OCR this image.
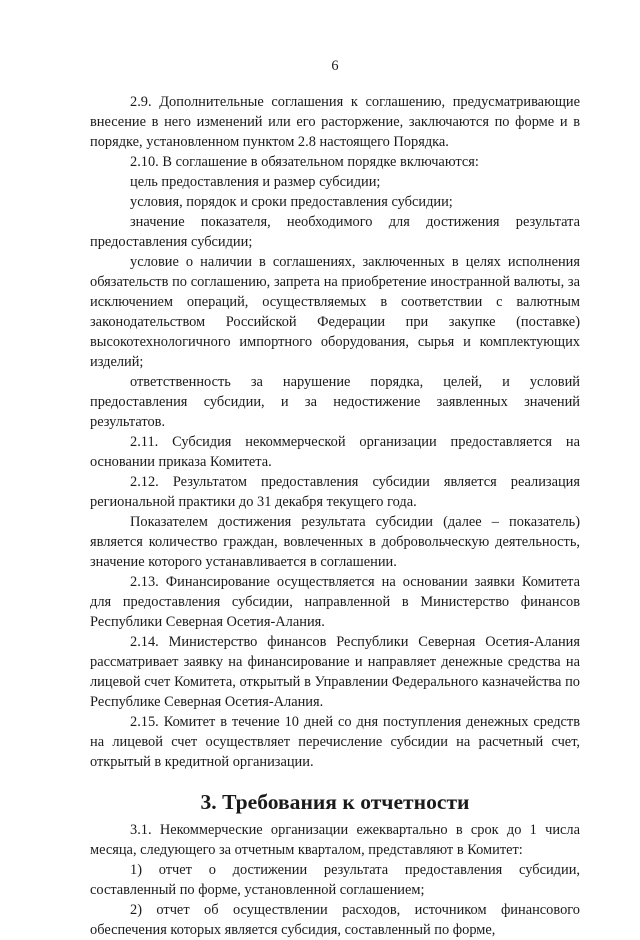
6

2.9. Дополнительные соглашения к соглашению, предусматривающие внесение в него изменений или его расторжение, заключаются по форме и в порядке, установленном пунктом 2.8 настоящего Порядка.

2.10. В соглашение в обязательном порядке включаются:

цель предоставления и размер субсидии;

условия, порядок и сроки предоставления субсидии;

значение показателя, необходимого для достижения результата предоставления субсидии;

условие о наличии в соглашениях, заключенных в целях исполнения обязательств по соглашению, запрета на приобретение иностранной валюты, за исключением операций, осуществляемых в соответствии с валютным законодательством Российской Федерации при закупке (поставке) высокотехнологичного импортного оборудования, сырья и комплектующих изделий;

ответственность за нарушение порядка, целей, и условий предоставления субсидии, и за недостижение заявленных значений результатов.

2.11. Субсидия некоммерческой организации предоставляется на основании приказа Комитета.

2.12. Результатом предоставления субсидии является реализация региональной практики до 31 декабря текущего года.

Показателем достижения результата субсидии (далее – показатель) является количество граждан, вовлеченных в добровольческую деятельность, значение которого устанавливается в соглашении.

2.13. Финансирование осуществляется на основании заявки Комитета для предоставления субсидии, направленной в Министерство финансов Республики Северная Осетия-Алания.

2.14. Министерство финансов Республики Северная Осетия-Алания рассматривает заявку на финансирование и направляет денежные средства на лицевой счет Комитета, открытый в Управлении Федерального казначейства по Республике Северная Осетия-Алания.

2.15. Комитет в течение 10 дней со дня поступления денежных средств на лицевой счет осуществляет перечисление субсидии на расчетный счет, открытый в кредитной организации.

3. Требования к отчетности

3.1. Некоммерческие организации ежеквартально в срок до 1 числа месяца, следующего за отчетным кварталом, представляют в Комитет:

1) отчет о достижении результата предоставления субсидии, составленный по форме, установленной соглашением;

2) отчет об осуществлении расходов, источником финансового обеспечения которых является субсидия, составленный по форме,
